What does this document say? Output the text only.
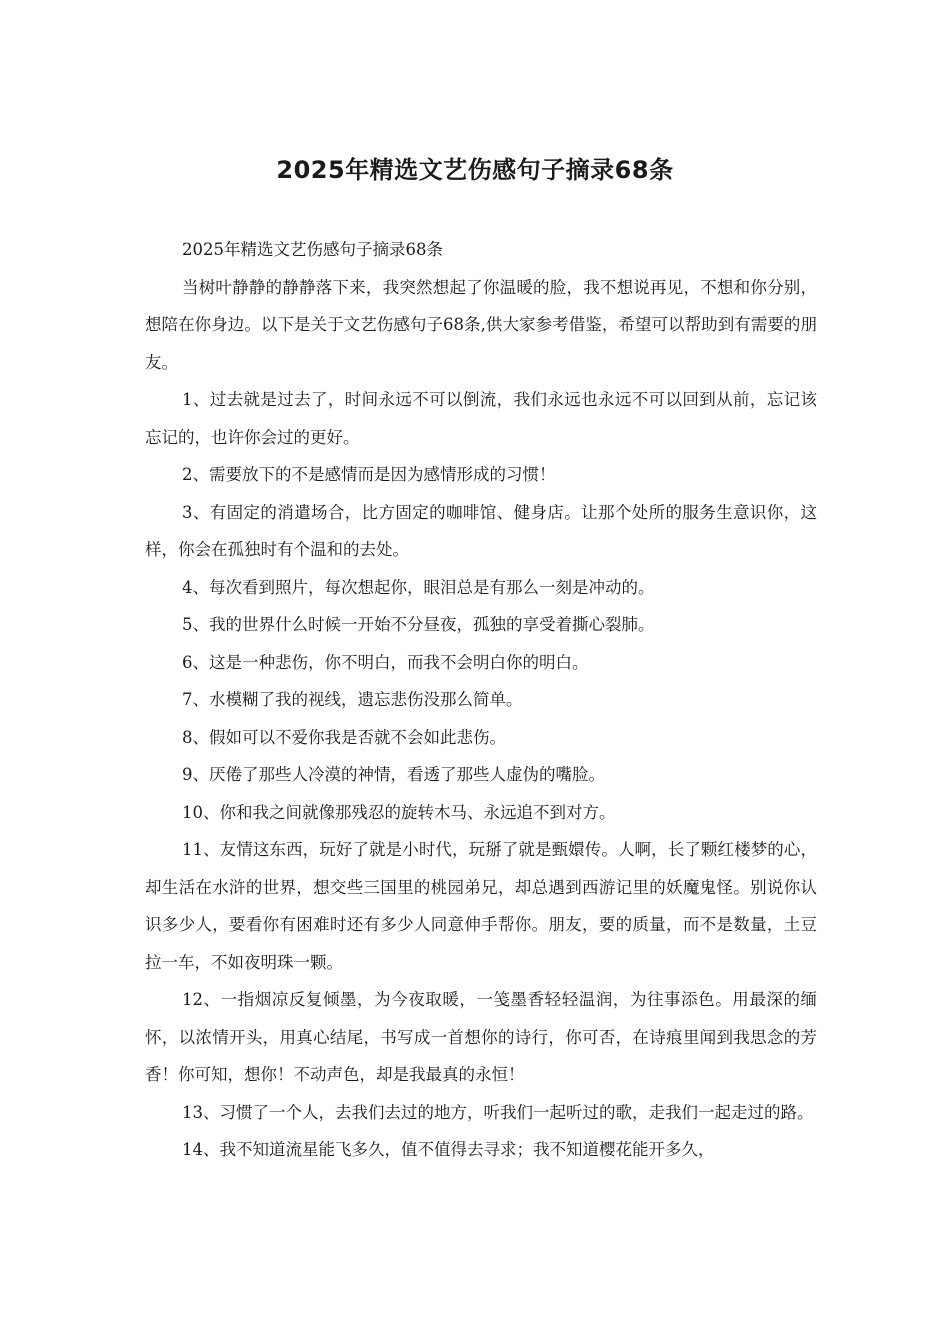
2025年精选文艺伤感句子摘录68条

2025年精选文艺伤感句子摘录68条

当树叶静静的静静落下来，我突然想起了你温暖的脸，我不想说再见，不想和你分别，想陪在你身边。以下是关于文艺伤感句子68条,供大家参考借鉴，希望可以帮助到有需要的朋友。

1、过去就是过去了，时间永远不可以倒流，我们永远也永远不可以回到从前，忘记该忘记的，也许你会过的更好。

2、需要放下的不是感情而是因为感情形成的习惯！

3、有固定的消遣场合，比方固定的咖啡馆、健身店。让那个处所的服务生意识你，这样，你会在孤独时有个温和的去处。

4、每次看到照片，每次想起你，眼泪总是有那么一刻是冲动的。

5、我的世界什么时候一开始不分昼夜，孤独的享受着撕心裂肺。

6、这是一种悲伤，你不明白，而我不会明白你的明白。

7、水模糊了我的视线，遗忘悲伤没那么简单。

8、假如可以不爱你我是否就不会如此悲伤。

9、厌倦了那些人冷漠的神情，看透了那些人虚伪的嘴脸。

10、你和我之间就像那残忍的旋转木马、永远追不到对方。

11、友情这东西，玩好了就是小时代，玩掰了就是甄嬛传。人啊，长了颗红楼梦的心，却生活在水浒的世界，想交些三国里的桃园弟兄，却总遇到西游记里的妖魔鬼怪。别说你认识多少人，要看你有困难时还有多少人同意伸手帮你。朋友，要的质量，而不是数量，土豆拉一车，不如夜明珠一颗。

12、一指烟凉反复倾墨，为今夜取暖，一笺墨香轻轻温润，为往事添色。用最深的缅怀，以浓情开头，用真心结尾，书写成一首想你的诗行，你可否，在诗痕里闻到我思念的芳香！你可知，想你！不动声色，却是我最真的永恒！

13、习惯了一个人，去我们去过的地方，听我们一起听过的歌，走我们一起走过的路。

14、我不知道流星能飞多久，值不值得去寻求；我不知道樱花能开多久，
